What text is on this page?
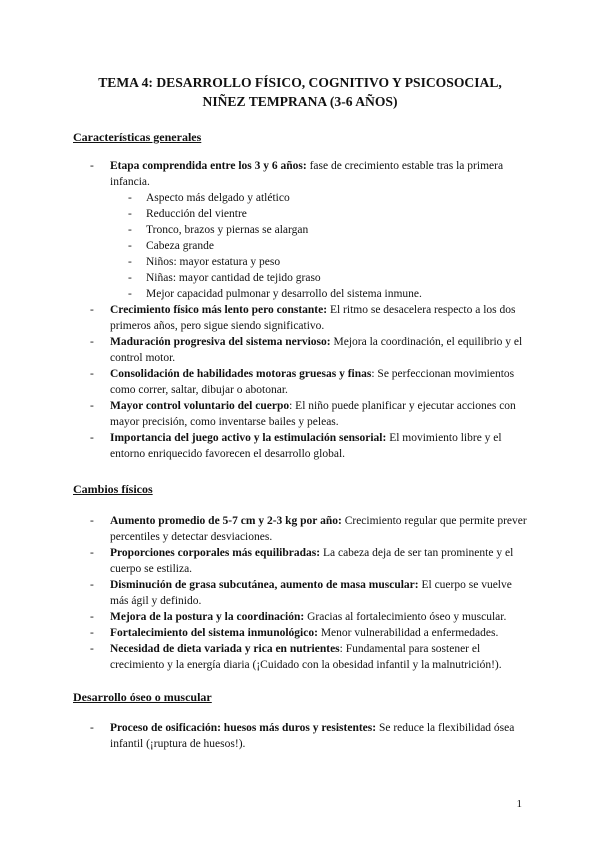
TEMA 4: DESARROLLO FÍSICO, COGNITIVO Y PSICOSOCIAL,
NIÑEZ TEMPRANA (3-6 AÑOS)
Características generales
- Etapa comprendida entre los 3 y 6 años: fase de crecimiento estable tras la primera infancia.
- Aspecto más delgado y atlético
- Reducción del vientre
- Tronco, brazos y piernas se alargan
- Cabeza grande
- Niños: mayor estatura y peso
- Niñas: mayor cantidad de tejido graso
- Mejor capacidad pulmonar y desarrollo del sistema inmune.
- Crecimiento físico más lento pero constante: El ritmo se desacelera respecto a los dos primeros años, pero sigue siendo significativo.
- Maduración progresiva del sistema nervioso: Mejora la coordinación, el equilibrio y el control motor.
- Consolidación de habilidades motoras gruesas y finas: Se perfeccionan movimientos como correr, saltar, dibujar o abotonar.
- Mayor control voluntario del cuerpo: El niño puede planificar y ejecutar acciones con mayor precisión, como inventarse bailes y peleas.
- Importancia del juego activo y la estimulación sensorial: El movimiento libre y el entorno enriquecido favorecen el desarrollo global.
Cambios físicos
- Aumento promedio de 5-7 cm y 2-3 kg por año: Crecimiento regular que permite prever percentiles y detectar desviaciones.
- Proporciones corporales más equilibradas: La cabeza deja de ser tan prominente y el cuerpo se estiliza.
- Disminución de grasa subcutánea, aumento de masa muscular: El cuerpo se vuelve más ágil y definido.
- Mejora de la postura y la coordinación: Gracias al fortalecimiento óseo y muscular.
- Fortalecimiento del sistema inmunológico: Menor vulnerabilidad a enfermedades.
- Necesidad de dieta variada y rica en nutrientes: Fundamental para sostener el crecimiento y la energía diaria (¡Cuidado con la obesidad infantil y la malnutrición!).
Desarrollo óseo o muscular
- Proceso de osificación: huesos más duros y resistentes: Se reduce la flexibilidad ósea infantil (¡ruptura de huesos!).
1
